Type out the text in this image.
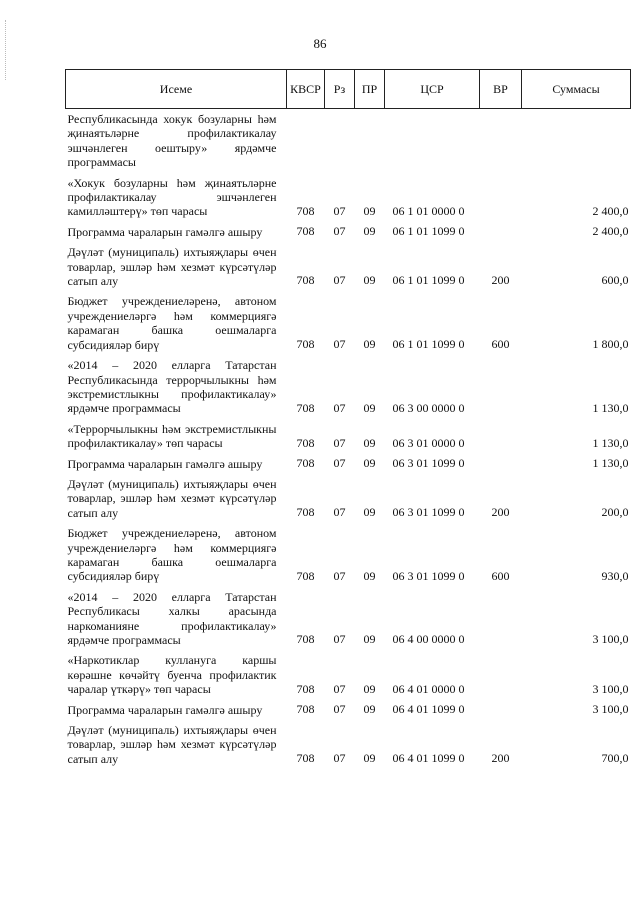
86
Исеме	КВСР	Рз	ПР	ЦСР	ВР	Суммасы
Республикасында хокук бозуларны һәм җинаятьләрне профилактикалау эшчәнлеген оештыру» ярдәмче программасы						
«Хокук бозуларны һәм җинаятьләрне профилактикалау эшчәнлеген камилләштерү» төп чарасы	708	07	09	06 1 01 0000 0		2 400,0
Программа чараларын гамәлгә ашыру	708	07	09	06 1 01 1099 0		2 400,0
Дәүләт (муниципаль) ихтыяҗлары өчен товарлар, эшләр һәм хезмәт күрсәтүләр сатып алу	708	07	09	06 1 01 1099 0	200	600,0
Бюджет учреждениеләренә, автоном учреждениеләргә һәм коммерциягә карамаган башка оешмаларга субсидияләр бирү	708	07	09	06 1 01 1099 0	600	1 800,0
«2014 – 2020 елларга Татарстан Республикасында террорчылыкны һәм экстремистлыкны профилактикалау» ярдәмче программасы	708	07	09	06 3 00 0000 0		1 130,0
«Террорчылыкны һәм экстремистлыкны профилактикалау» төп чарасы	708	07	09	06 3 01 0000 0		1 130,0
Программа чараларын гамәлгә ашыру	708	07	09	06 3 01 1099 0		1 130,0
Дәүләт (муниципаль) ихтыяҗлары өчен товарлар, эшләр һәм хезмәт күрсәтүләр сатып алу	708	07	09	06 3 01 1099 0	200	200,0
Бюджет учреждениеләренә, автоном учреждениеләргә һәм коммерциягә карамаган башка оешмаларга субсидияләр бирү	708	07	09	06 3 01 1099 0	600	930,0
«2014 – 2020 елларга Татарстан Республикасы халкы арасында наркоманияне профилактикалау» ярдәмче программасы	708	07	09	06 4 00 0000 0		3 100,0
«Наркотиклар куллануга каршы көрәшне көчәйтү буенча профилактик чаралар үткәрү» төп чарасы	708	07	09	06 4 01 0000 0		3 100,0
Программа чараларын гамәлгә ашыру	708	07	09	06 4 01 1099 0		3 100,0
Дәүләт (муниципаль) ихтыяҗлары өчен товарлар, эшләр һәм хезмәт күрсәтүләр сатып алу	708	07	09	06 4 01 1099 0	200	700,0
